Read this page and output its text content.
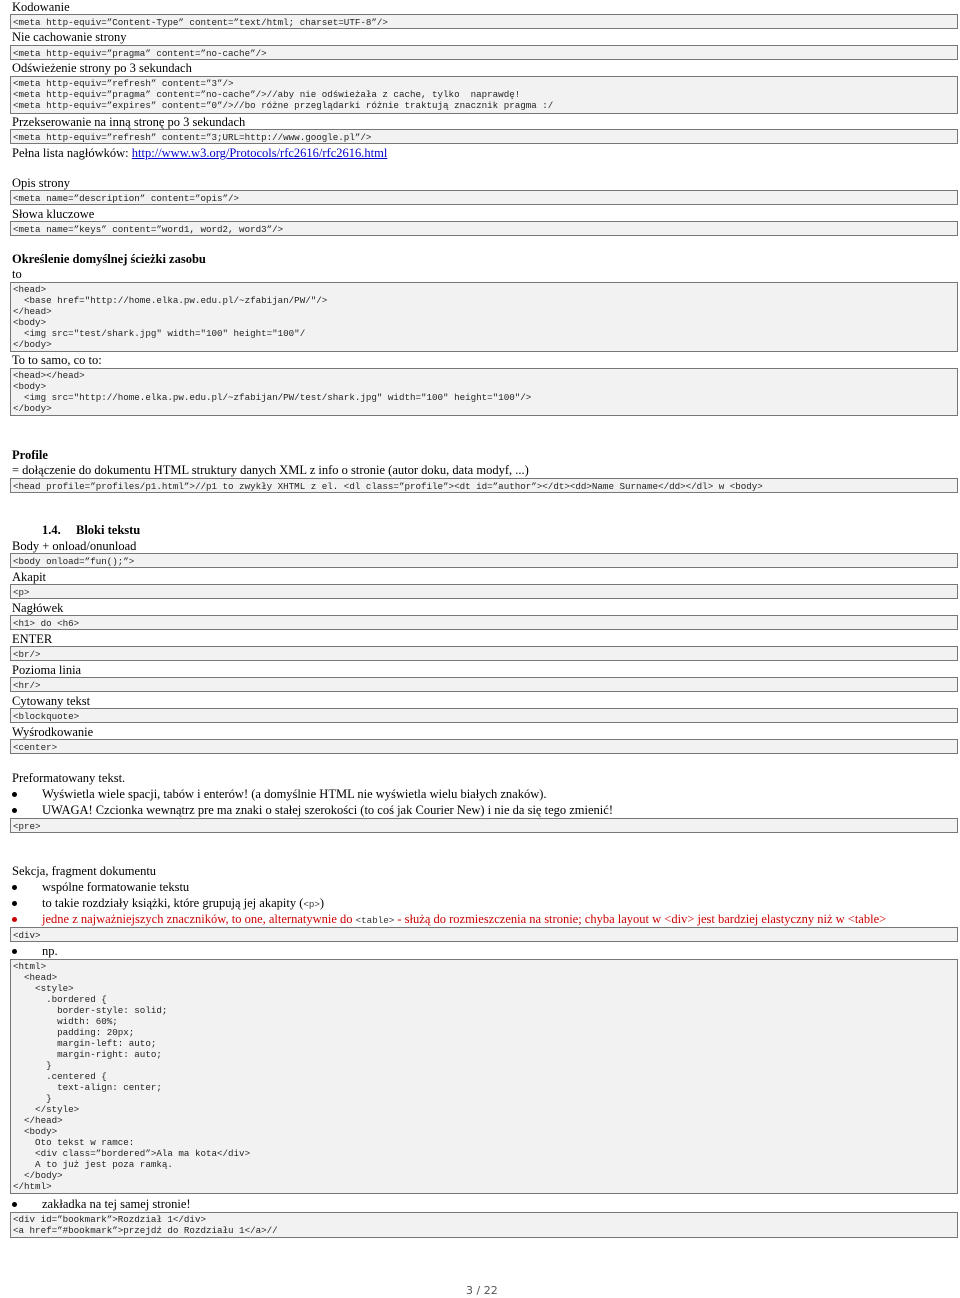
Kodowanie

<meta http-equiv=”Content-Type” content=”text/html; charset=UTF-8”/>

Nie cachowanie strony

<meta http-equiv=”pragma” content=”no-cache”/>

Odświeżenie strony po 3 sekundach

<meta http-equiv=”refresh” content=”3”/>
<meta http-equiv=”pragma” content=”no-cache”/>//aby nie odświeżała z cache, tylko  naprawdę!
<meta http-equiv=”expires” content=”0”/>//bo różne przeglądarki różnie traktują znacznik pragma :/

Przekserowanie na inną stronę po 3 sekundach

<meta http-equiv=”refresh” content=”3;URL=http://www.google.pl”/>

Pełna lista nagłówków: http://www.w3.org/Protocols/rfc2616/rfc2616.html

Opis strony

<meta name=”description” content=”opis”/>

Słowa kluczowe

<meta name=”keys” content=”word1, word2, word3”/>

Określenie domyślnej ścieżki zasobu

to

<head>
<base href="http://home.elka.pw.edu.pl/~zfabijan/PW/"/>
</head>
<body>
<img src="test/shark.jpg" width="100" height="100"/
</body>

To to samo, co to:

<head></head>
<body>
<img src="http://home.elka.pw.edu.pl/~zfabijan/PW/test/shark.jpg" width="100" height="100"/>
</body>

Profile

= dołączenie do dokumentu HTML struktury danych XML z info o stronie (autor doku, data modyf, ...)

<head profile=”profiles/p1.html”>//p1 to zwykły XHTML z el. <dl class=”profile”><dt id=”author”></dt><dd>Name Surname</dd></dl> w <body>

1.4. Bloki tekstu

Body + onload/onunload

<body onload=”fun();”>

Akapit

<p>

Nagłówek

<h1> do <h6>

ENTER

<br/>

Pozioma linia

<hr/>

Cytowany tekst

<blockquote>

Wyśrodkowanie

<center>

Preformatowany tekst.

Wyświetla wiele spacji, tabów i enterów! (a domyślnie HTML nie wyświetla wielu białych znaków).
UWAGA! Czcionka wewnątrz pre ma znaki o stałej szerokości (to coś jak Courier New) i nie da się tego zmienić!
<pre>

Sekcja, fragment dokumentu

wspólne formatowanie tekstu
to takie rozdziały książki, które grupują jej akapity (<p>)
jedne z najważniejszych znaczników, to one, alternatywnie do <table> - służą do rozmieszczenia na stronie; chyba layout w <div> jest bardziej elastyczny niż w <table>
<div>
np.
<html>
<head>
<style>
.bordered {
border-style: solid;
width: 60%;
padding: 20px;
margin-left: auto;
margin-right: auto;
}
.centered {
text-align: center;
}
</style>
</head>
<body>
Oto tekst w ramce:
<div class=”bordered”>Ala ma kota</div>
A to już jest poza ramką.
</body>
</html>
zakładka na tej samej stronie!
<div id=”bookmark”>Rozdział 1</div>
<a href=”#bookmark”>przejdź do Rozdziału 1</a>//
3 / 22
